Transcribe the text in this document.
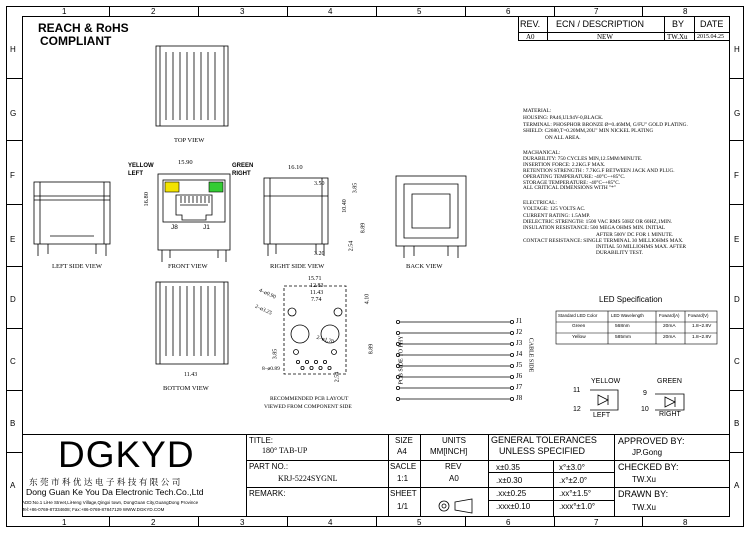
1
1
2
2
3
3
4
4
5
5
6
6
7
7
8
8
H	H
G	G
F	F
E	E
D	D
C	C
B	B
A	A
REACH & RoHS
COMPLIANT
REV. ECN / DESCRIPTION	BY DATE
A0	NEW	TW.Xu 2015.04.25
TOP VIEW
LEFT SIDE VIEW	FRONT VIEW	RIGHT SIDE VIEW	BACK VIEW
BOTTOM VIEW
RECOMMENDED PCB LAYOUT
VIEWED FROM COMPONENT SIDE
YELLOW
LEFT
GREEN
RIGHT
J8	J1
15.90
16.80
16.10
3.50	3.85
10.40
8.89
2.54
3.20
11.43
15.71
12.83
11.43
7.74
4–ø0.90
2–ø3.25
2–ø1.70
8–ø0.89
4.10
8.89
3.85
2.54
J1
J2
J3
J4
J5
J6
J7
J8
PCB SIDE TO PHY	CABLE SIDE
MATERIAL:
HOUSING: PA46,UL94V-0,BLACK.
TERMINAL: PHOSPHOR BRONZE Ø=0.46MM, G/FU" GOLD PLATING.
SHIELD: C2680,T=0.20MM,20U" MIN NICKEL PLATING
ON ALL AREA.
MACHANICAL:
DURABILITY: 750 CYCLES MIN,12.5MM/MINUTE.
INSERTION FORCE: 2.2KG.F MAX.
RETENTION STRENGTH : 7.7KG.F BETWEEN JACK AND PLUG.
OPERATING TEMPERATURE: -40°C~+85°C.
STORAGE TEMPERATURE: -40°C~+85°C.
ALL CRITICAL DIMENSIONS WITH "*"
ELECTRICAL:
VOLTAGE: 125 VOLTS AC.
CURRENT RATING: 1.5AMP.
DIELECTRIC STRENGTH: 1500 VAC RMS 50HZ OR 60HZ,1MIN.
INSULATION RESISTANCE: 500 MEGA OHMS MIN. INITIAL
AFTER 500V DC FOR 1 MINUTE.
CONTACT RESISTANCE: SINGLE TERMINAL 30 MILLIOHMS MAX.
INITIAL 50 MILLIOHMS MAX. AFTER
DURABILITY TEST.
LED Specification
Standard LED Color	LED Wavelength	Foward(A) Foward(V)
Green	568nm	20mA	1.8~2.8V
Yellow	585mm	20mA	1.8~2.8V
YELLOW	GREEN
11
12
9
10
LEFT	RIGHT
DGKYD
东 莞 市 科 优 达 电 子 科 技 有 限 公 司
Dong Guan Ke You Da Electronic Tech.Co.,Ltd
ADD:No.1 LiHe Street,LiHeng Village,Qingxi town, DongGuan City,GuangDong Province
Tel:+86-0769-87334608; Fax:+86-0769-87847129 WWW.DGKYD.COM
TITLE:
180° TAB-UP
PART NO.:
KRJ-5224SYGNL
REMARK:
SIZE
A4
UNITS
MM[INCH]
SACLE
1:1
REV
A0
SHEET
1/1
GENERAL TOLERANCES
UNLESS SPECIFIED
x±0.35	x°±3.0°
.x±0.30	.x°±2.0°
.xx±0.25	.xx°±1.5°
.xxx±0.10	.xxx°±1.0°
APPROVED BY:
JP.Gong
CHECKED BY:
TW.Xu
DRAWN BY:
TW.Xu
